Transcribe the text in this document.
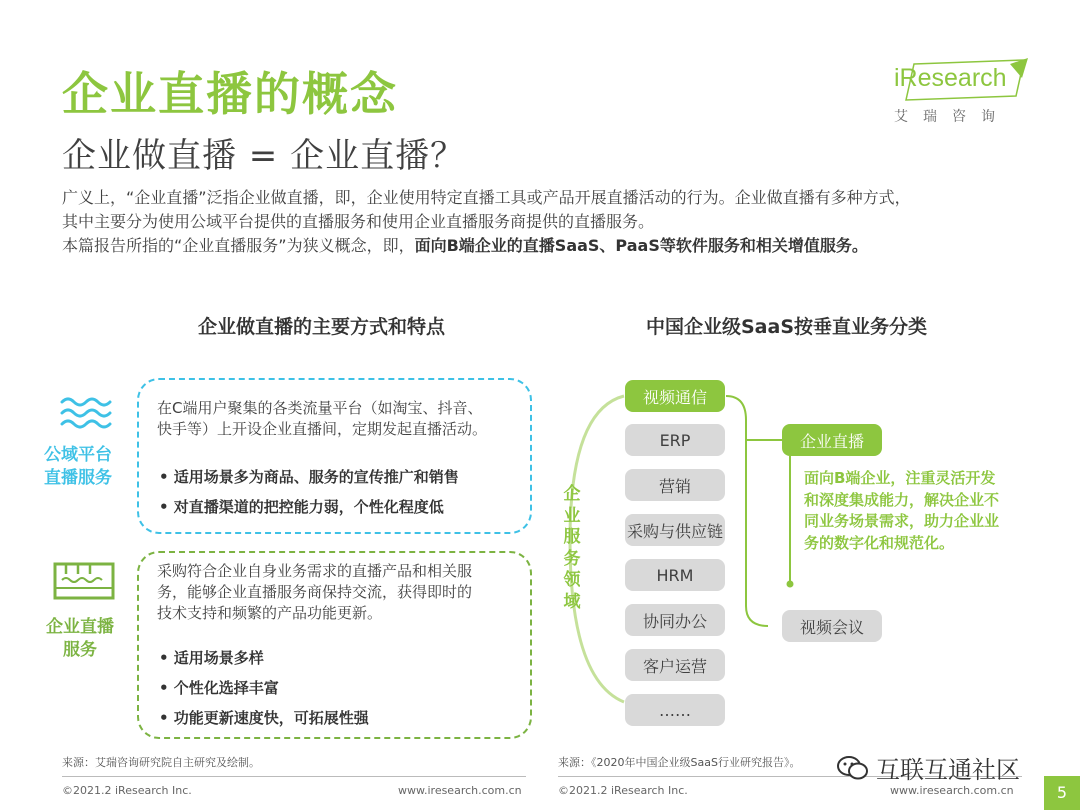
企业直播的概念
企业做直播 = 企业直播？
iResearch
艾瑞咨询

广义上，“企业直播”泛指企业做直播，即，企业使用特定直播工具或产品开展直播活动的行为。企业做直播有多种方式，

其中主要分为使用公域平台提供的直播服务和使用企业直播服务商提供的直播服务。

本篇报告所指的“企业直播服务”为狭义概念，即，面向B端企业的直播SaaS、PaaS等软件服务和相关增值服务。

企业做直播的主要方式和特点
公域平台
直播服务
在C端用户聚集的各类流量平台（如淘宝、抖音、
快手等）上开设企业直播间，定期发起直播活动。
• 适用场景多为商品、服务的宣传推广和销售
• 对直播渠道的把控能力弱，个性化程度低
企业直播
服务
采购符合企业自身业务需求的直播产品和相关服
务，能够企业直播服务商保持交流，获得即时的
技术支持和频繁的产品功能更新。
• 适用场景多样
• 个性化选择丰富
• 功能更新速度快，可拓展性强
中国企业级SaaS按垂直业务分类
视频通信
ERP
营销
采购与供应链
HRM
协同办公
客户运营
……
企
业
服
务
领
域
企业直播
面向B端企业，注重灵活开发和深度集成能力，解决企业不同业务场景需求，助力企业业务的数字化和规范化。
视频会议
来源：艾瑞咨询研究院自主研究及绘制。	来源：《2020年中国企业级SaaS行业研究报告》。
©2021.2 iResearch Inc.	www.iresearch.com.cn	©2021.2 iResearch Inc.	www.iresearch.com.cn
互联互通社区
5
